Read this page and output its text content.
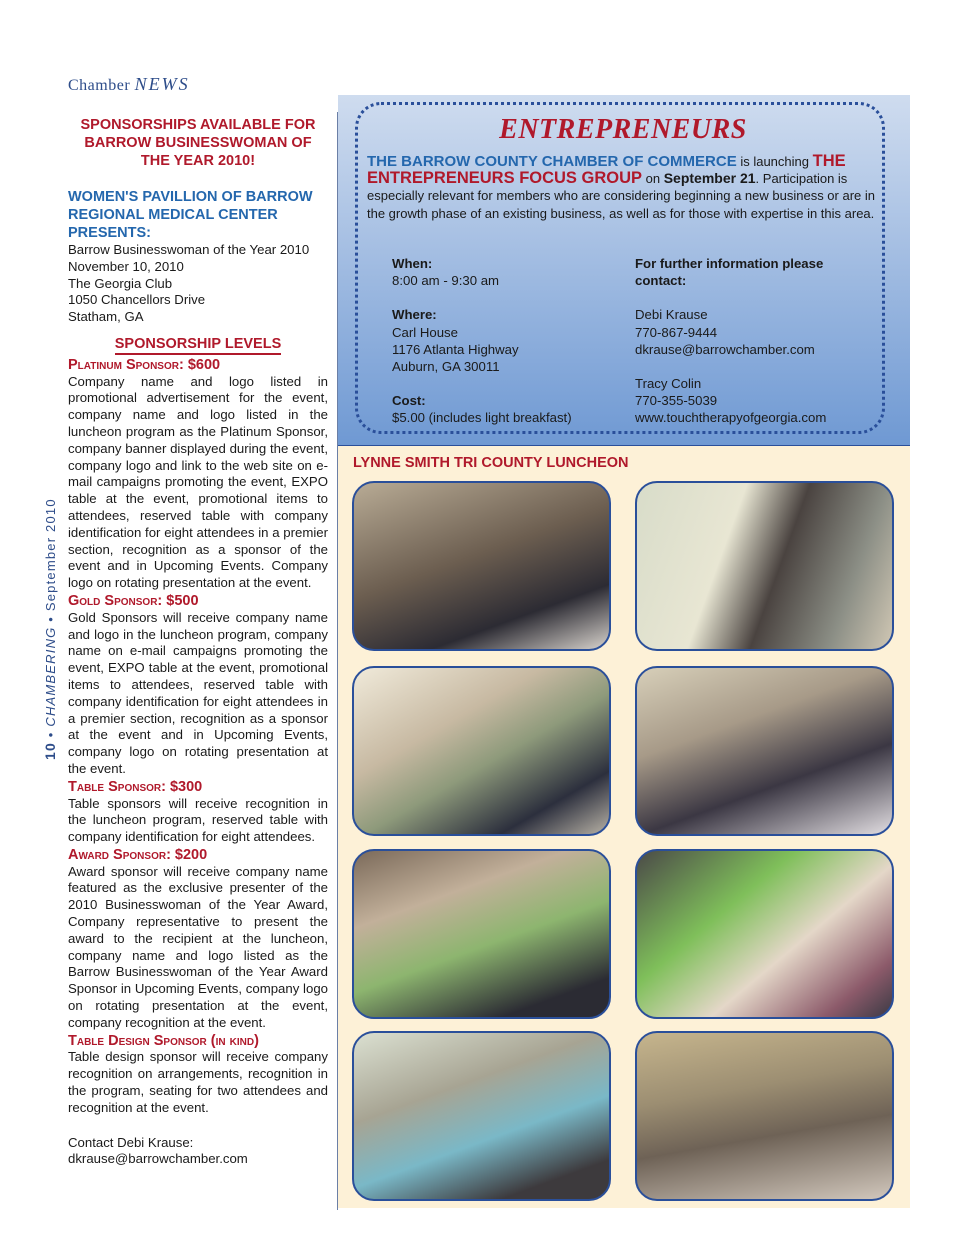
Chamber NEWS
10 • CHAMBERING • September 2010
SPONSORSHIPS AVAILABLE FOR BARROW BUSINESSWOMAN OF THE YEAR 2010!
WOMEN'S PAVILLION OF BARROW REGIONAL MEDICAL CENTER PRESENTS:
Barrow Businesswoman of the Year 2010
November 10, 2010
The Georgia Club
1050 Chancellors Drive
Statham, GA
SPONSORSHIP LEVELS
Platinum Sponsor: $600
Company name and logo listed in promotional advertisement for the event, company name and logo listed in the luncheon program as the Platinum Sponsor, company banner displayed during the event, company logo and link to the web site on e-mail campaigns promoting the event, EXPO table at the event, promotional items to attendees, reserved table with company identification for eight attendees in a premier section, recognition as a sponsor of the event and in Upcoming Events. Company logo on rotating presentation at the event.
Gold Sponsor: $500
Gold Sponsors will receive company name and logo in the luncheon program, company name on e-mail campaigns promoting the event, EXPO table at the event, promotional items to attendees, reserved table with company identification for eight attendees in a premier section, recognition as a sponsor at the event and in Upcoming Events, company logo on rotating presentation at the event.
Table Sponsor: $300
Table sponsors will receive recognition in the luncheon program, reserved table with company identification for eight attendees.
Award Sponsor: $200
Award sponsor will receive company name featured as the exclusive presenter of the 2010 Businesswoman of the Year Award, Company representative to present the award to the recipient at the luncheon, company name and logo listed as the Barrow Businesswoman of the Year Award Sponsor in Upcoming Events, company logo on rotating presentation at the event, company recognition at the event.
Table Design Sponsor (in kind)
Table design sponsor will receive company recognition on arrangements, recognition in the program, seating for two attendees and recognition at the event.
Contact Debi Krause:
dkrause@barrowchamber.com
ENTREPRENEURS
THE BARROW COUNTY CHAMBER OF COMMERCE is launching THE ENTREPRENEURS FOCUS GROUP on September 21. Participation is especially relevant for members who are considering beginning a new business or are in the growth phase of an existing business, as well as for those with expertise in this area.
When:
8:00 am - 9:30 am
Where:
Carl House
1176 Atlanta Highway
Auburn, GA 30011
Cost:
$5.00 (includes light breakfast)
For further information please contact:
Debi Krause
770-867-9444
dkrause@barrowchamber.com
Tracy Colin
770-355-5039
www.touchtherapyofgeorgia.com
LYNNE SMITH TRI COUNTY LUNCHEON
